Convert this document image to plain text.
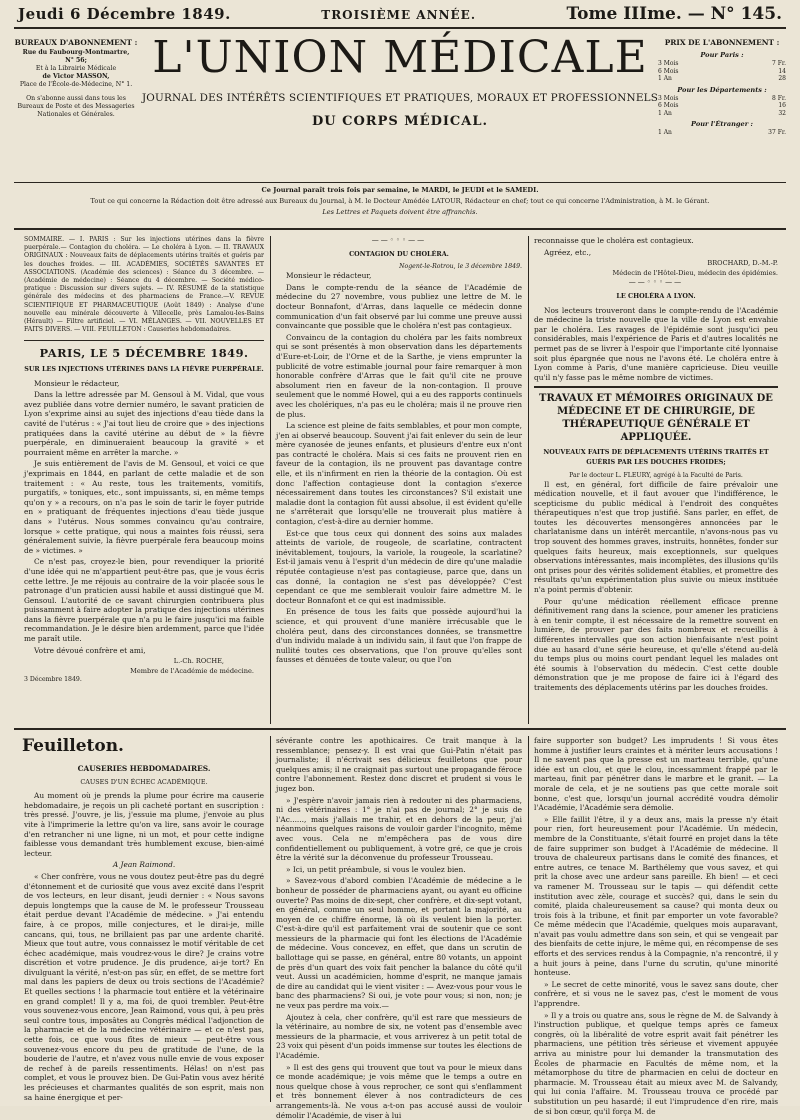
Jeudi 6 Décembre 1849.	TROISIÈME ANNÉE.	Tome IIIme. — N° 145.
BUREAUX D'ABONNEMENT :
Rue du Faubourg-Montmartre,
N° 56;
Et à la Librairie Médicale
de Victor MASSON,
Place de l'École-de-Médecine, N° 1.
On s'abonne aussi dans tous les Bureaux de Poste et des Messageries Nationales et Générales.
L'UNION MÉDICALE
JOURNAL DES INTÉRÊTS SCIENTIFIQUES ET PRATIQUES, MORAUX ET PROFESSIONNELS
DU CORPS MÉDICAL.
PRIX DE L'ABONNEMENT :
Pour Paris :
3 Mois	7 Fr.
6 Mois	14
1 An	28
Pour les Départements :
3 Mois	8 Fr.
6 Mois	16
1 An	32
Pour l'Étranger :
1 An	37 Fr.
Ce Journal paraît trois fois par semaine, le MARDI, le JEUDI et le SAMEDI.
Tout ce qui concerne la Rédaction doit être adressé aux Bureaux du Journal, à M. le Docteur Amédée LATOUR, Rédacteur en chef; tout ce qui concerne l'Administration, à M. le Gérant.
Les Lettres et Paquets doivent être affranchis.
SOMMAIRE. — I. PARIS : Sur les injections utérines dans la fièvre puerpérale.— Contagion du choléra. — Le choléra à Lyon. — II. TRAVAUX ORIGINAUX : Nouveaux faits de déplacements utérins traités et guéris par les douches froides. — III. ACADÉMIES, SOCIÉTÉS SAVANTES ET ASSOCIATIONS. (Académie des sciences) : Séance du 3 décembre. — (Académie de médecine) : Séance du 4 décembre. — Société médico-pratique : Discussion sur divers sujets. — IV. RÉSUMÉ de la statistique générale des médecins et des pharmaciens de France.—V. REVUE SCIENTIFIQUE ET PHARMACEUTIQUE (Août 1849) : Analyse d'une nouvelle eau minérale découverte à Villecelle, près Lamalou-les-Bains (Hérault) — Filtre artificiel. — VI. MÉLANGES. — VII. NOUVELLES ET FAITS DIVERS. — VIII. FEUILLETON : Causeries hebdomadaires.
PARIS, LE 5 DÉCEMBRE 1849.
SUR LES INJECTIONS UTÉRINES DANS LA FIÈVRE PUERPÉRALE.

Monsieur le rédacteur,

Dans la lettre adressée par M. Gensoul à M. Vidal, que vous avez publiée dans votre dernier numéro, le savant praticien de Lyon s'exprime ainsi au sujet des injections d'eau tiède dans la cavité de l'utérus : « J'ai tout lieu de croire que » des injections pratiquées dans la cavité utérine au début de » la fièvre puerpérale, en diminueraient beaucoup la gravité » et pourraient même en arrêter la marche. »

Je suis entièrement de l'avis de M. Gensoul, et voici ce que j'exprimais en 1844, en parlant de cette maladie et de son traitement : « Au reste, tous les traitements, vomitifs, purgatifs, » toniques, etc., sont impuissants, si, en même temps qu'on y » a recours, on n'a pas le soin de tarir le foyer putride en » pratiquant de fréquentes injections d'eau tiède jusque dans » l'utérus. Nous sommes convaincu qu'au contraire, lorsque » cette pratique, qui nous a maintes fois réussi, sera généralement suivie, la fièvre puerpérale fera beaucoup moins de » victimes. »

Ce n'est pas, croyez-le bien, pour revendiquer la priorité d'une idée qui ne m'appartient peut-être pas, que je vous écris cette lettre. Je me réjouis au contraire de la voir placée sous le patronage d'un praticien aussi habile et aussi distingué que M. Gensoul. L'autorité de ce savant chirurgien contribuera plus puissamment à faire adopter la pratique des injections utérines dans la fièvre puerpérale que n'a pu le faire jusqu'ici ma faible recommandation. Je le désire bien ardemment, parce que l'idée me paraît utile.

Votre dévoué confrère et ami,

L.-Ch. ROCHE,
Membre de l'Académie de médecine.
3 Décembre 1849.
——◦◦◦——
CONTAGION DU CHOLÉRA.
Nogent-le-Rotrou, le 3 décembre 1849.

Monsieur le rédacteur,

Dans le compte-rendu de la séance de l'Académie de médecine du 27 novembre, vous publiez une lettre de M. le docteur Bonnafont, d'Arras, dans laquelle ce médecin donne communication d'un fait observé par lui comme une preuve aussi convaincante que possible que le choléra n'est pas contagieux.

Convaincu de la contagion du choléra par les faits nombreux qui se sont présentés à mon observation dans les départements d'Eure-et-Loir, de l'Orne et de la Sarthe, je viens emprunter la publicité de votre estimable journal pour faire remarquer à mon honorable confrère d'Arras que le fait qu'il cite ne prouve absolument rien en faveur de la non-contagion. Il prouve seulement que le nommé Howel, qui a eu des rapports continuels avec les cholériques, n'a pas eu le choléra; mais il ne prouve rien de plus.

La science est pleine de faits semblables, et pour mon compte, j'en ai observé beaucoup. Souvent j'ai fait enlever du sein de leur mère cyanosée de jeunes enfants, et plusieurs d'entre eux n'ont pas contracté le choléra. Mais si ces faits ne prouvent rien en faveur de la contagion, ils ne prouvent pas davantage contre elle, et ils n'infirment en rien la théorie de la contagion. Où est donc l'affection contagieuse dont la contagion s'exerce nécessairement dans toutes les circonstances? S'il existait une maladie dont la contagion fût aussi absolue, il est évident qu'elle ne s'arrêterait que lorsqu'elle ne trouverait plus matière à contagion, c'est-à-dire au dernier homme.

Est-ce que tous ceux qui donnent des soins aux malades atteints de variole, de rougeole, de scarlatine, contractent inévitablement, toujours, la variole, la rougeole, la scarlatine? Est-il jamais venu à l'esprit d'un médecin de dire qu'une maladie réputée contagieuse n'est pas contagieuse, parce que, dans un cas donné, la contagion ne s'est pas développée? C'est cependant ce que me semblerait vouloir faire admettre M. le docteur Bonnafont et ce qui est inadmissible.

En présence de tous les faits que possède aujourd'hui la science, et qui prouvent d'une manière irrécusable que le choléra peut, dans des circonstances données, se transmettre d'un individu malade à un individu sain, il faut que l'on frappe de nullité toutes ces observations, que l'on prouve qu'elles sont fausses et dénuées de toute valeur, ou que l'on

reconnaisse que le choléra est contagieux.

Agréez, etc.,

BROCHARD, D.-M.-P.
Médecin de l'Hôtel-Dieu, médecin des épidémies.
——◦◦◦——
LE CHOLÉRA A LYON.

Nos lecteurs trouveront dans le compte-rendu de l'Académie de médecine la triste nouvelle que la ville de Lyon est envahie par le choléra. Les ravages de l'épidémie sont jusqu'ici peu considérables, mais l'expérience de Paris et d'autres localités ne permet pas de se livrer à l'espoir que l'importante cité lyonnaise soit plus épargnée que nous ne l'avons été. Le choléra entre à Lyon comme à Paris, d'une manière capricieuse. Dieu veuille qu'il n'y fasse pas le même nombre de victimes.

TRAVAUX ET MÉMOIRES ORIGINAUX DE MÉDECINE ET DE CHIRURGIE, DE THÉRAPEUTIQUE GÉNÉRALE ET APPLIQUÉE.
NOUVEAUX FAITS DE DÉPLACEMENTS UTÉRINS TRAITÉS ET GUÉRIS PAR LES DOUCHES FROIDES;
Par le docteur L. FLEURY, agrégé à la Faculté de Paris.

Il est, en général, fort difficile de faire prévaloir une médication nouvelle, et il faut avouer que l'indifférence, le scepticisme du public médical à l'endroit des conquêtes thérapeutiques n'est que trop justifié. Sans parler, en effet, de toutes les découvertes mensongères annoncées par le charlatanisme dans un intérêt mercantile, n'avons-nous pas vu trop souvent des hommes graves, instruits, honnêtes, fonder sur quelques faits heureux, mais exceptionnels, sur quelques observations intéressantes, mais incomplètes, des illusions qu'ils ont prises pour des vérités solidement établies, et promettre des résultats qu'un expérimentation plus suivie ou mieux instituée n'a point permis d'obtenir.

Pour qu'une médication réellement efficace prenne définitivement rang dans la science, pour amener les praticiens à en tenir compte, il est nécessaire de la remettre souvent en lumière, de prouver par des faits nombreux et recueillis à différentes intervalles que son action bienfaisante n'est point due au hasard d'une série heureuse, et qu'elle s'étend au-delà du temps plus ou moins court pendant lequel les malades ont été soumis à l'observation du médecin. C'est cette double démonstration que je me propose de faire ici à l'égard des traitements des déplacements utérins par les douches froides.

Feuilleton.
CAUSERIES HEBDOMADAIRES.
CAUSES D'UN ÉCHEC ACADÉMIQUE.

Au moment où je prends la plume pour écrire ma causerie hebdomadaire, je reçois un pli cacheté portant en suscription : très pressé. J'ouvre, je lis, j'essuie ma plume, j'envoie au plus vite à l'imprimerie la lettre qu'on va lire, sans avoir le courage d'en retrancher ni une ligne, ni un mot, et pour cette indigne faiblesse vous demandant très humblement excuse, bien-aimé lecteur.

A Jean Raimond.

« Cher confrère, vous ne vous doutez peut-être pas du degré d'étonnement et de curiosité que vous avez excité dans l'esprit de vos lecteurs, en leur disant, jeudi dernier : « Nous savons depuis longtemps que la cause de M. le professeur Trousseau était perdue devant l'Académie de médecine. » J'ai entendu faire, à ce propos, mille conjectures, et le dirai-je, mille cancans, qui, tous, ne brillaient pas par une ardente charité. Mieux que tout autre, vous connaissez le motif véritable de cet échec académique, mais voudrez-vous le dire? Je crains votre discrétion et votre prudence. Je dis prudence, ai-je tort? En divulguant la vérité, n'est-on pas sûr, en effet, de se mettre fort mal dans les papiers de deux ou trois sections de l'Académie? Et quelles sections ! la pharmacie tout entière et la vétérinaire en grand complet! Il y a, ma foi, de quoi trembler. Peut-être vous souvenez-vous encore, Jean Raimond, vous qui, à peu près seul contre tous, imposâtes au Congrès médical l'adjonction de la pharmacie et de la médecine vétérinaire — et ce n'est pas, cette fois, ce que vous fîtes de mieux — peut-être vous souvenez-vous encore du peu de gratitude de l'une, de la bouderie de l'autre, et n'avez vous nulle envie de vous exposer de rechef à de pareils ressentiments. Hélas! on n'est pas complet, et vous le prouvez bien. De Gui-Patin vous avez hérité les précieuses et charmantes qualités de son esprit, mais non sa haine énergique et per-

sévérante contre les apothicaires. Ce trait manque à la ressemblance; pensez-y. Il est vrai que Gui-Patin n'était pas journaliste; il n'écrivait ses délicieux feuilletons que pour quelques amis; il ne craignait pas surtout une propagande féroce contre l'abonnement. Restez donc discret et prudent si vous le jugez bon.

» J'espère n'avoir jamais rien à redouter ni des pharmaciens, ni des vétérinaires : 1° je n'ai pas de journal; 2° je suis de l'Ac......, mais j'allais me trahir, et en dehors de la peur, j'ai néanmoins quelques raisons de vouloir garder l'incognito, même avec vous. Cela ne m'empêchera pas de vous dire confidentiellement ou publiquement, à votre gré, ce que je crois être la vérité sur la déconvenue du professeur Trousseau.

» Ici, un petit préambule, si vous le voulez bien.

» Savez-vous d'abord combien l'Académie de médecine a le bonheur de posséder de pharmaciens ayant, ou ayant eu officine ouverte? Pas moins de dix-sept, cher confrère, et dix-sept votant, en général, comme un seul homme, et portant la majorité, au moyen de ce chiffre énorme, là où ils veulent bien la porter. C'est-à-dire qu'il est parfaitement vrai de soutenir que ce sont messieurs de la pharmacie qui font les élections de l'Académie de médecine. Vous concevez, en effet, que dans un scrutin de ballottage qui se passe, en général, entre 80 votants, un appoint de près d'un quart des voix fait pencher la balance du côté qu'il veut. Aussi un académicien, homme d'esprit, ne manque jamais de dire au candidat qui le vient visiter : — Avez-vous pour vous le banc des pharmaciens? Si oui, je vote pour vous; si non, non; je ne veux pas perdre ma voix.—

Ajoutez à cela, cher confrère, qu'il est rare que messieurs de la vétérinaire, au nombre de six, ne votent pas d'ensemble avec messieurs de la pharmacie, et vous arriverez à un petit total de 23 voix qui pèsent d'un poids immense sur toutes les élections de l'Académie.

» Il est des gens qui trouvent que tout va pour le mieux dans ce monde académique; je vois même que le temps a outre en nous quelque chose à vous reprocher, ce sont qui s'enflamment et très bonnement élever à nos contradicteurs de ces arrangements-là. Ne vous a-t-on pas accusé aussi de vouloir démolir l'Académie, de viser à lui

faire supporter son budget? Les imprudents ! Si vous êtes homme à justifier leurs craintes et à mériter leurs accusations ! Il ne savent pas que la presse est un marteau terrible, qu'une idée est un clou, et que le clou, incessamment frappé par le marteau, finit par pénétrer dans le marbre et le granit. — La morale de cela, et je ne soutiens pas que cette morale soit bonne, c'est que, lorsqu'un journal accrédité voudra démolir l'Académie, l'Académie sera démolie.

» Elle faillit l'être, il y a deux ans, mais la presse n'y était pour rien, fort heureusement pour l'Académie. Un médecin, membre de la Constituante, s'était fourré en projet dans la tête de faire supprimer son budget à l'Académie de médecine. Il trouva de chaleureux partisans dans le comité des finances, et entre autres, ce tenace M. Barthélemy que vous savez, et qui prit la chose avec une ardeur sans pareille. Eh bien! — et ceci va ramener M. Trousseau sur le tapis — qui défendit cette institution avec zèle, courage et succès? qui, dans le sein du comité, plaida chaleureusement sa cause? qui monta deux ou trois fois à la tribune, et finit par emporter un vote favorable? Ce même médecin que l'Académie, quelques mois auparavant, n'avait pas voulu admettre dans son sein, et qui se vengeait par des bienfaits de cette injure, le même qui, en récompense de ses efforts et des services rendus à la Compagnie, n'a rencontré, il y a huit jours à peine, dans l'urne du scrutin, qu'une minorité honteuse.

» Le secret de cette minorité, vous le savez sans doute, cher confrère, et si vous ne le savez pas, c'est le moment de vous l'apprendre.

» Il y a trois ou quatre ans, sous le règne de M. de Salvandy à l'instruction publique, et quelque temps après ce fameux congrès, où la libéralité de votre esprit avait fait pénétrer les pharmaciens, une pétition très sérieuse et vivement appuyée arriva au ministre pour lui demander la transmutation des Écoles de pharmacie en Facultés de même nom, et la métamorphose du titre de pharmacien en celui de docteur en pharmacie. M. Trousseau était au mieux avec M. de Salvandy, qui lui conia l'affaire. M. Trousseau trouva ce procédé par substitution un peu hasardé; il eut l'imprudence d'en rire, mais de si bon cœur, qu'il força M. de
